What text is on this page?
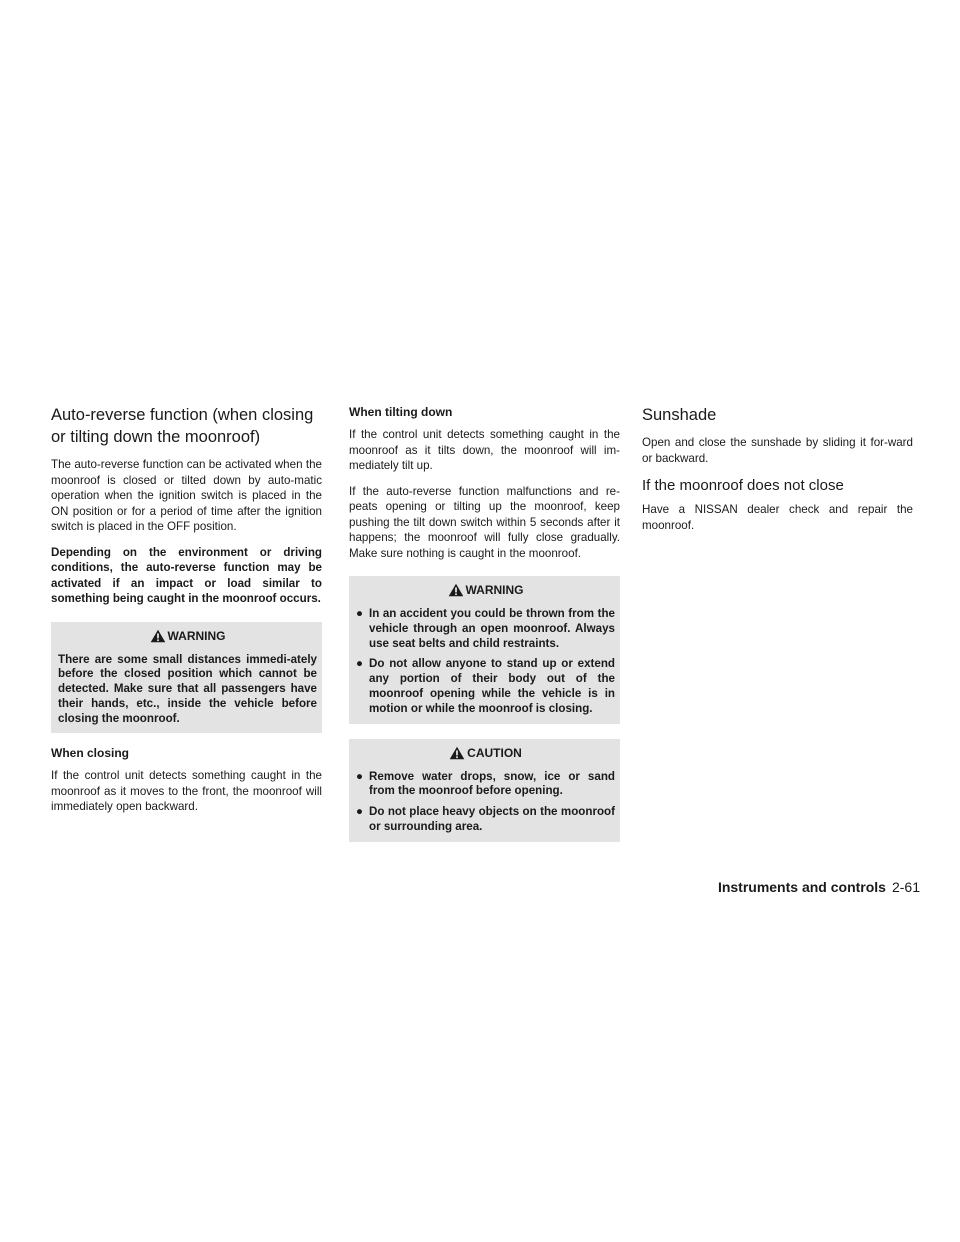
Auto-reverse function (when closing or tilting down the moonroof)

The auto-reverse function can be activated when the moonroof is closed or tilted down by auto-matic operation when the ignition switch is placed in the ON position or for a period of time after the ignition switch is placed in the OFF position.

Depending on the environment or driving conditions, the auto-reverse function may be activated if an impact or load similar to something being caught in the moonroof occurs.

WARNING
There are some small distances immedi-ately before the closed position which cannot be detected. Make sure that all passengers have their hands, etc., inside the vehicle before closing the moonroof.
When closing

If the control unit detects something caught in the moonroof as it moves to the front, the moonroof will immediately open backward.

When tilting down

If the control unit detects something caught in the moonroof as it tilts down, the moonroof will im-mediately tilt up.

If the auto-reverse function malfunctions and re-peats opening or tilting up the moonroof, keep pushing the tilt down switch within 5 seconds after it happens; the moonroof will fully close gradually. Make sure nothing is caught in the moonroof.

WARNING
● In an accident you could be thrown from the vehicle through an open moonroof. Always use seat belts and child restraints.
● Do not allow anyone to stand up or extend any portion of their body out of the moonroof opening while the vehicle is in motion or while the moonroof is closing.
CAUTION
● Remove water drops, snow, ice or sand from the moonroof before opening.
● Do not place heavy objects on the moonroof or surrounding area.
Sunshade

Open and close the sunshade by sliding it for-ward or backward.

If the moonroof does not close

Have a NISSAN dealer check and repair the moonroof.

Instruments and controls 2-61
